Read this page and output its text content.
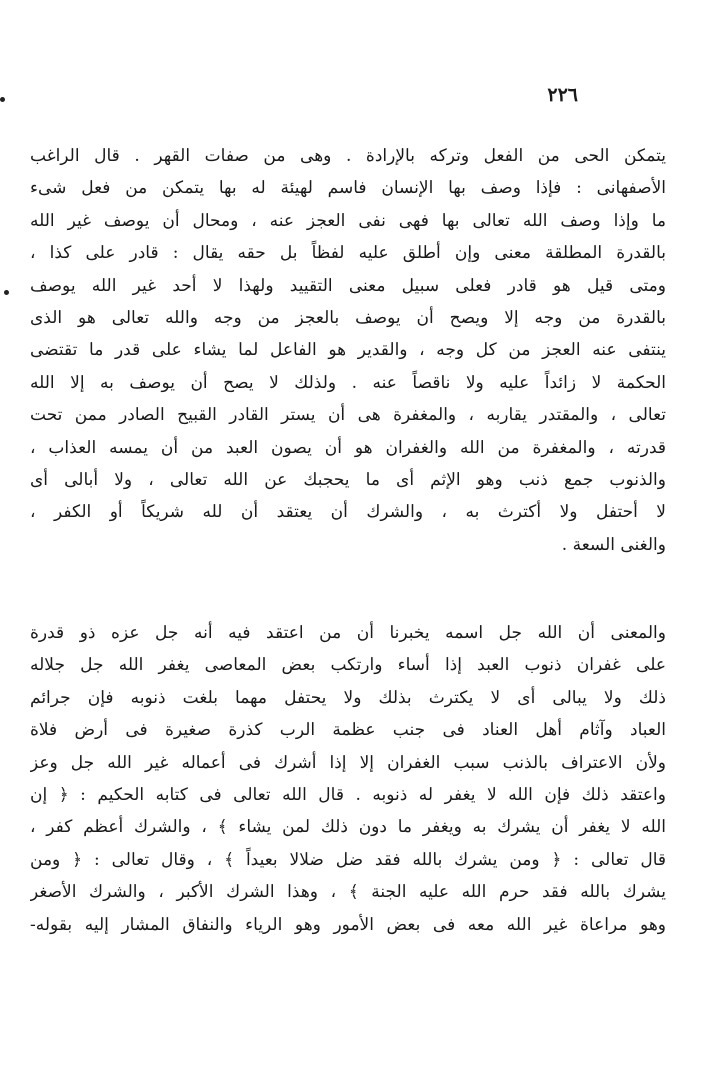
٢٢٦
يتمكن الحى من الفعل وتركه بالإرادة . وهى من صفات القهر . قال الراغب
الأصفهانى : فإذا وصف بها الإنسان فاسم لهيئة له بها يتمكن من فعل شىء
ما وإذا وصف الله تعالى بها فهى نفى العجز عنه ، ومحال أن يوصف غير الله
بالقدرة المطلقة معنى وإن أطلق عليه لفظاً بل حقه يقال : قادر على كذا ،
ومتى قيل هو قادر فعلى سبيل معنى التقييد ولهذا لا أحد غير الله يوصف
بالقدرة من وجه إلا ويصح أن يوصف بالعجز من وجه والله تعالى هو الذى
ينتفى عنه العجز من كل وجه ، والقدير هو الفاعل لما يشاء على قدر ما تقتضى
الحكمة لا زائداً عليه ولا ناقصاً عنه . ولذلك لا يصح أن يوصف به إلا الله
تعالى ، والمقتدر يقاربه ، والمغفرة هى أن يستر القادر القبيح الصادر ممن تحت
قدرته ، والمغفرة من الله والغفران هو أن يصون العبد من أن يمسه العذاب ،
والذنوب جمع ذنب وهو الإثم أى ما يحجبك عن الله تعالى ، ولا أبالى أى
لا أحتفل ولا أكترث به ، والشرك أن يعتقد أن لله شريكاً أو الكفر ،
والغنى السعة .
والمعنى أن الله جل اسمه يخبرنا أن من اعتقد فيه أنه جل عزه ذو قدرة
على غفران ذنوب العبد إذا أساء وارتكب بعض المعاصى يغفر الله جل جلاله
ذلك ولا يبالى أى لا يكترث بذلك ولا يحتفل مهما بلغت ذنوبه فإن جرائم
العباد وآثام أهل العناد فى جنب عظمة الرب كذرة صغيرة فى أرض فلاة
ولأن الاعتراف بالذنب سبب الغفران إلا إذا أشرك فى أعماله غير الله جل وعز
واعتقد ذلك فإن الله لا يغفر له ذنوبه . قال الله تعالى فى كتابه الحكيم : ﴿ إن
الله لا يغفر أن يشرك به ويغفر ما دون ذلك لمن يشاء ﴾ ، والشرك أعظم كفر ،
قال تعالى : ﴿ ومن يشرك بالله فقد ضل ضلالا بعيداً ﴾ ، وقال تعالى : ﴿ ومن
يشرك بالله فقد حرم الله عليه الجنة ﴾ ، وهذا الشرك الأكبر ، والشرك الأصغر
وهو مراعاة غير الله معه فى بعض الأمور وهو الرياء والنفاق المشار إليه بقوله-
